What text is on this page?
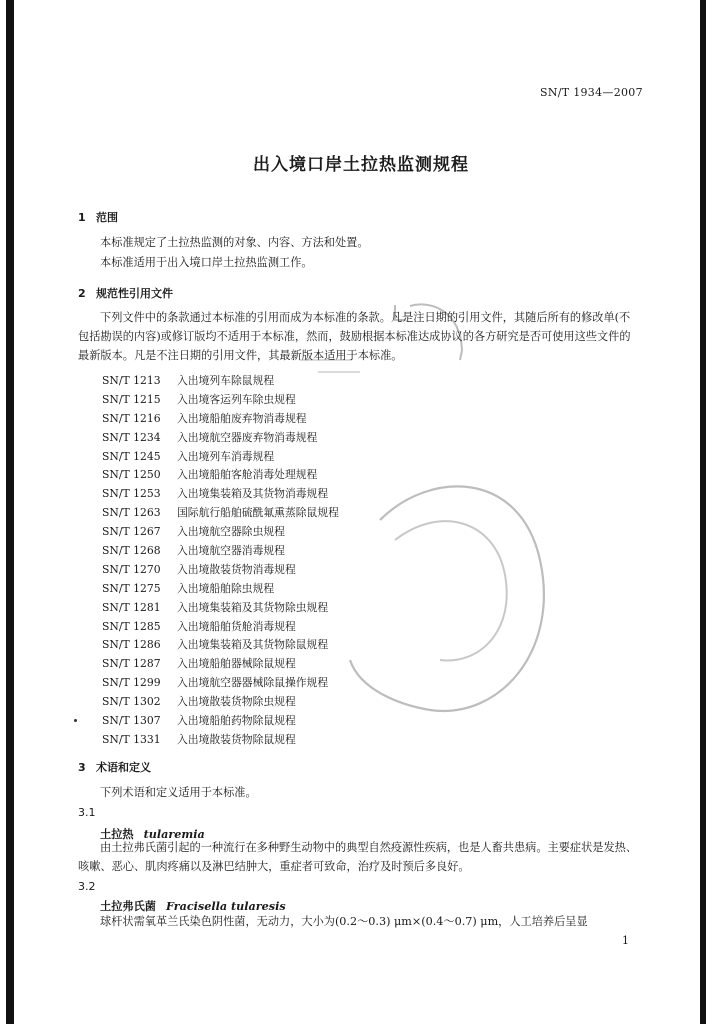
SN/T 1934—2007
出入境口岸土拉热监测规程
1 范围
本标准规定了土拉热监测的对象、内容、方法和处置。
本标准适用于出入境口岸土拉热监测工作。
2 规范性引用文件
下列文件中的条款通过本标准的引用而成为本标准的条款。凡是注日期的引用文件，其随后所有的修改单(不包括勘误的内容)或修订版均不适用于本标准，然而，鼓励根据本标准达成协议的各方研究是否可使用这些文件的最新版本。凡是不注日期的引用文件，其最新版本适用于本标准。
SN/T 1213 入出境列车除鼠规程
SN/T 1215 入出境客运列车除虫规程
SN/T 1216 入出境船舶废弃物消毒规程
SN/T 1234 入出境航空器废弃物消毒规程
SN/T 1245 入出境列车消毒规程
SN/T 1250 入出境船舶客舱消毒处理规程
SN/T 1253 入出境集装箱及其货物消毒规程
SN/T 1263 国际航行船舶硫酰氟熏蒸除鼠规程
SN/T 1267 入出境航空器除虫规程
SN/T 1268 入出境航空器消毒规程
SN/T 1270 入出境散装货物消毒规程
SN/T 1275 入出境船舶除虫规程
SN/T 1281 入出境集装箱及其货物除虫规程
SN/T 1285 入出境船舶货舱消毒规程
SN/T 1286 入出境集装箱及其货物除鼠规程
SN/T 1287 入出境船舶器械除鼠规程
SN/T 1299 入出境航空器器械除鼠操作规程
SN/T 1302 入出境散装货物除虫规程
SN/T 1307 入出境船舶药物除鼠规程
SN/T 1331 入出境散装货物除鼠规程
3 术语和定义
下列术语和定义适用于本标准。
3.1
土拉热 tularemia
由土拉弗氏菌引起的一种流行在多种野生动物中的典型自然疫源性疾病，也是人畜共患病。主要症状是发热、咳嗽、恶心、肌肉疼痛以及淋巴结肿大，重症者可致命，治疗及时预后多良好。
3.2
土拉弗氏菌 Fracisella tularesis
球杆状需氧革兰氏染色阴性菌，无动力，大小为(0.2～0.3) μm×(0.4～0.7) μm，人工培养后呈显
1
